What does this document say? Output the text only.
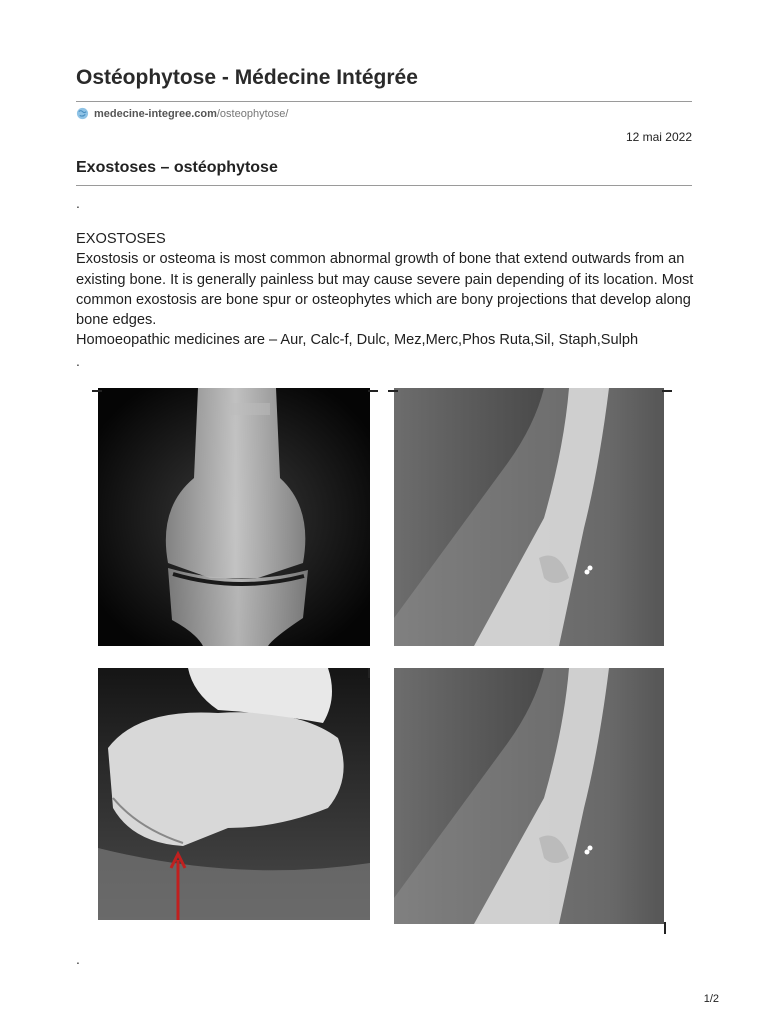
Ostéophytose - Médecine Intégrée
medecine-integree.com /osteophytose/
12 mai 2022
Exostoses – ostéophytose
.

EXOSTOSES

Exostosis or osteoma is most common abnormal growth of bone that extend outwards from an existing bone. It is generally painless but may cause severe pain depending of its location. Most common exostosis are bone spur or osteophytes which are bony projections that develop along bone edges.

Homoeopathic medicines are – Aur, Calc-f, Dulc, Mez,Merc,Phos Ruta,Sil, Staph,Sulph

.
.
1/2
